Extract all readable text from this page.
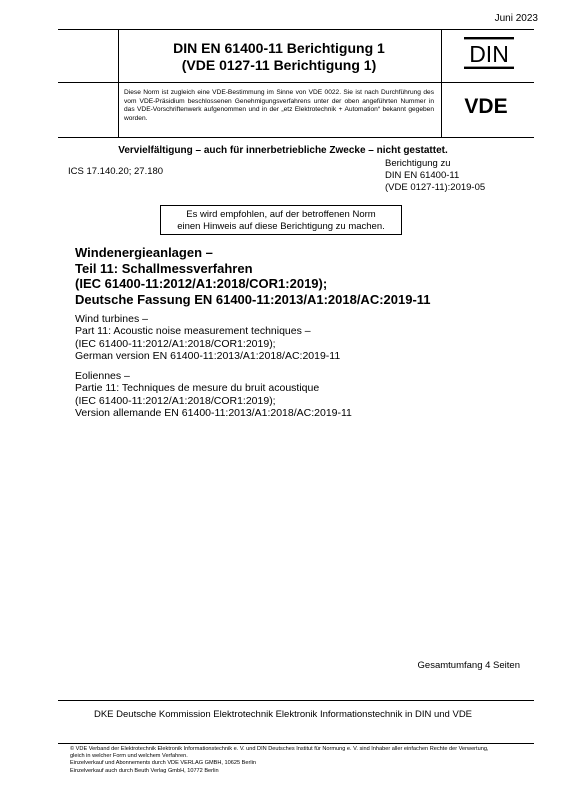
Juni 2023
DIN EN 61400-11 Berichtigung 1
(VDE 0127-11 Berichtigung 1)	DIN
Diese Norm ist zugleich eine VDE-Bestimmung im Sinne von VDE 0022. Sie ist nach Durchführung des vom VDE-Präsidium beschlossenen Genehmigungsverfahrens unter der oben angeführten Nummer in das VDE-Vorschriftenwerk aufgenommen und in der „etz Elektrotechnik + Automation“ bekannt gegeben worden.
VDE
Vervielfältigung – auch für innerbetriebliche Zwecke – nicht gestattet.
ICS 17.140.20; 27.180
Berichtigung zu
DIN EN 61400-11
(VDE 0127-11):2019-05
Es wird empfohlen, auf der betroffenen Norm
einen Hinweis auf diese Berichtigung zu machen.
Windenergieanlagen –
Teil 11: Schallmessverfahren
(IEC 61400-11:2012/A1:2018/COR1:2019);
Deutsche Fassung EN 61400-11:2013/A1:2018/AC:2019-11
Wind turbines –
Part 11: Acoustic noise measurement techniques –
(IEC 61400-11:2012/A1:2018/COR1:2019);
German version EN 61400-11:2013/A1:2018/AC:2019-11
Eoliennes –
Partie 11: Techniques de mesure du bruit acoustique
(IEC 61400-11:2012/A1:2018/COR1:2019);
Version allemande EN 61400-11:2013/A1:2018/AC:2019-11
Gesamtumfang 4 Seiten
DKE Deutsche Kommission Elektrotechnik Elektronik Informationstechnik in DIN und VDE
© VDE Verband der Elektrotechnik Elektronik Informationstechnik e. V. und DIN Deutsches Institut für Normung e. V. sind Inhaber aller einfachen Rechte der Verwertung,
gleich in welcher Form und welchem Verfahren.
Einzelverkauf und Abonnements durch VDE VERLAG GMBH, 10625 Berlin
Einzelverkauf auch durch Beuth Verlag GmbH, 10772 Berlin
